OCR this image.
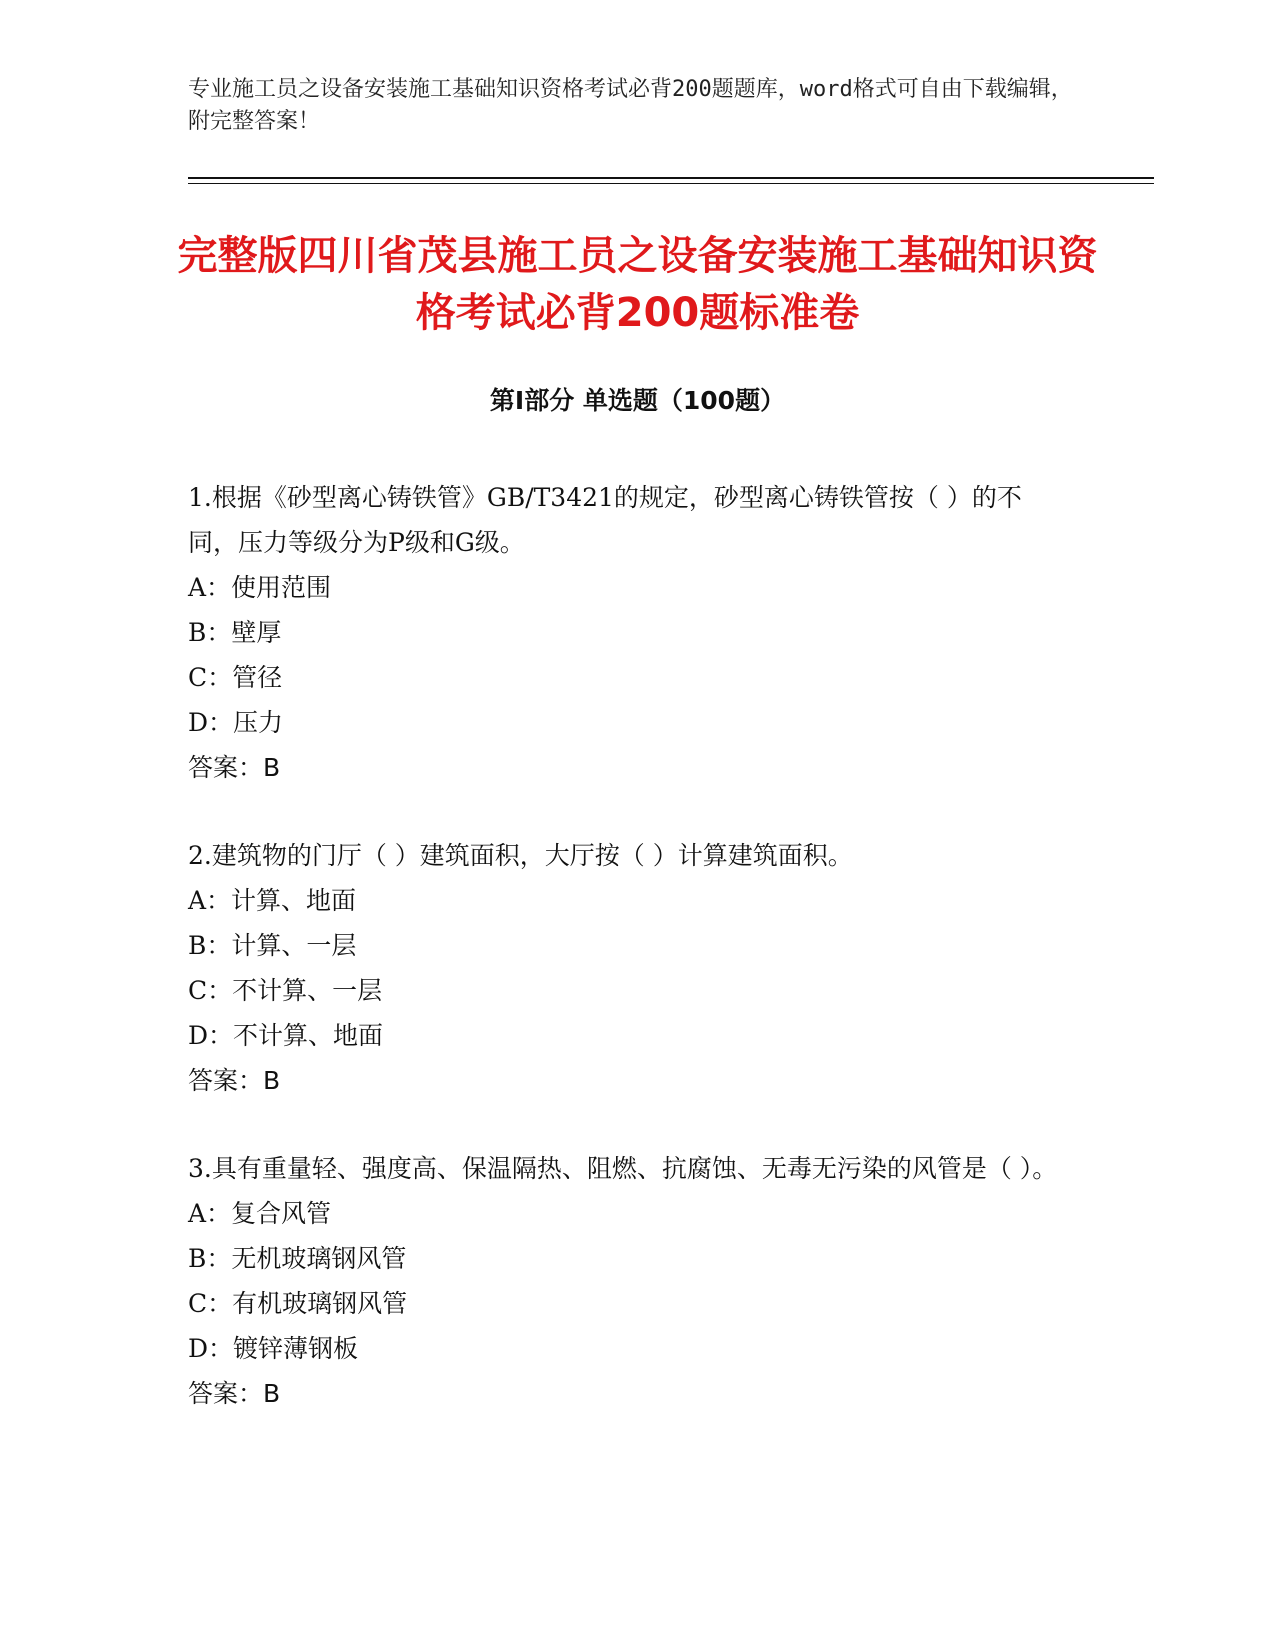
专业施工员之设备安装施工基础知识资格考试必背200题题库，word格式可自由下载编辑，附完整答案！
完整版四川省茂县施工员之设备安装施工基础知识资格考试必背200题标准卷
第Ⅰ部分 单选题（100题）
1.根据《砂型离心铸铁管》GB/T3421的规定，砂型离心铸铁管按（ ）的不同，压力等级分为P级和G级。
A：使用范围
B：壁厚
C：管径
D：压力
答案：B
2.建筑物的门厅（ ）建筑面积，大厅按（ ）计算建筑面积。
A：计算、地面
B：计算、一层
C：不计算、一层
D：不计算、地面
答案：B
3.具有重量轻、强度高、保温隔热、阻燃、抗腐蚀、无毒无污染的风管是（ ）。
A：复合风管
B：无机玻璃钢风管
C：有机玻璃钢风管
D：镀锌薄钢板
答案：B
